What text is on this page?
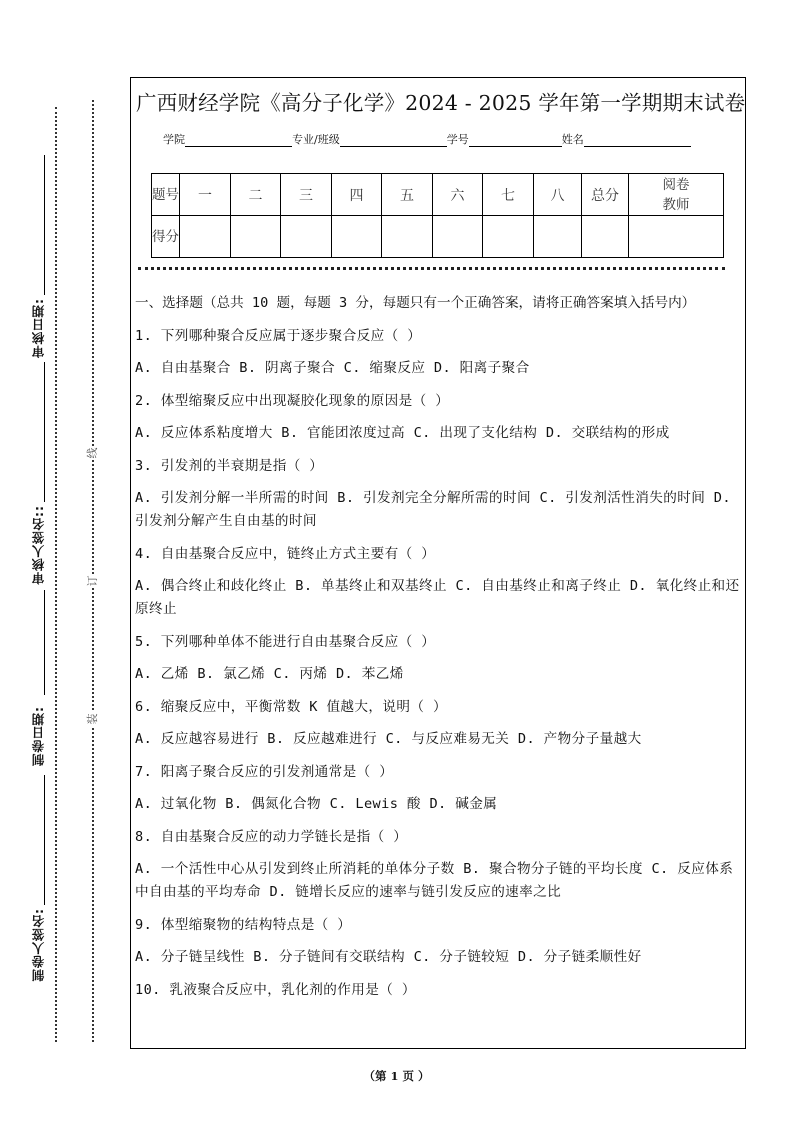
审核日期:
审核人签名::
制卷日期:
制卷人签名:
线
订
装
广西财经学院《高分子化学》2024 - 2025 学年第一学期期末试卷
学院	专业/班级	学号	姓名
题号	一	二	三	四	五	六	七	八	总分	阅卷教师
得分										
一、选择题（总共 10 题，每题 3 分，每题只有一个正确答案，请将正确答案填入括号内）
1. 下列哪种聚合反应属于逐步聚合反应（ ）
A. 自由基聚合 B. 阴离子聚合 C. 缩聚反应 D. 阳离子聚合
2. 体型缩聚反应中出现凝胶化现象的原因是（ ）
A. 反应体系粘度增大 B. 官能团浓度过高 C. 出现了支化结构 D. 交联结构的形成
3. 引发剂的半衰期是指（ ）
A. 引发剂分解一半所需的时间 B. 引发剂完全分解所需的时间 C. 引发剂活性消失的时间 D. 引发剂分解产生自由基的时间
4. 自由基聚合反应中，链终止方式主要有（ ）
A. 偶合终止和歧化终止 B. 单基终止和双基终止 C. 自由基终止和离子终止 D. 氧化终止和还原终止
5. 下列哪种单体不能进行自由基聚合反应（ ）
A. 乙烯 B. 氯乙烯 C. 丙烯 D. 苯乙烯
6. 缩聚反应中，平衡常数 K 值越大，说明（ ）
A. 反应越容易进行 B. 反应越难进行 C. 与反应难易无关 D. 产物分子量越大
7. 阳离子聚合反应的引发剂通常是（ ）
A. 过氧化物 B. 偶氮化合物 C. Lewis 酸 D. 碱金属
8. 自由基聚合反应的动力学链长是指（ ）
A. 一个活性中心从引发到终止所消耗的单体分子数 B. 聚合物分子链的平均长度 C. 反应体系中自由基的平均寿命 D. 链增长反应的速率与链引发反应的速率之比
9. 体型缩聚物的结构特点是（ ）
A. 分子链呈线性 B. 分子链间有交联结构 C. 分子链较短 D. 分子链柔顺性好
10. 乳液聚合反应中，乳化剂的作用是（ ）
（第 1 页 ）
